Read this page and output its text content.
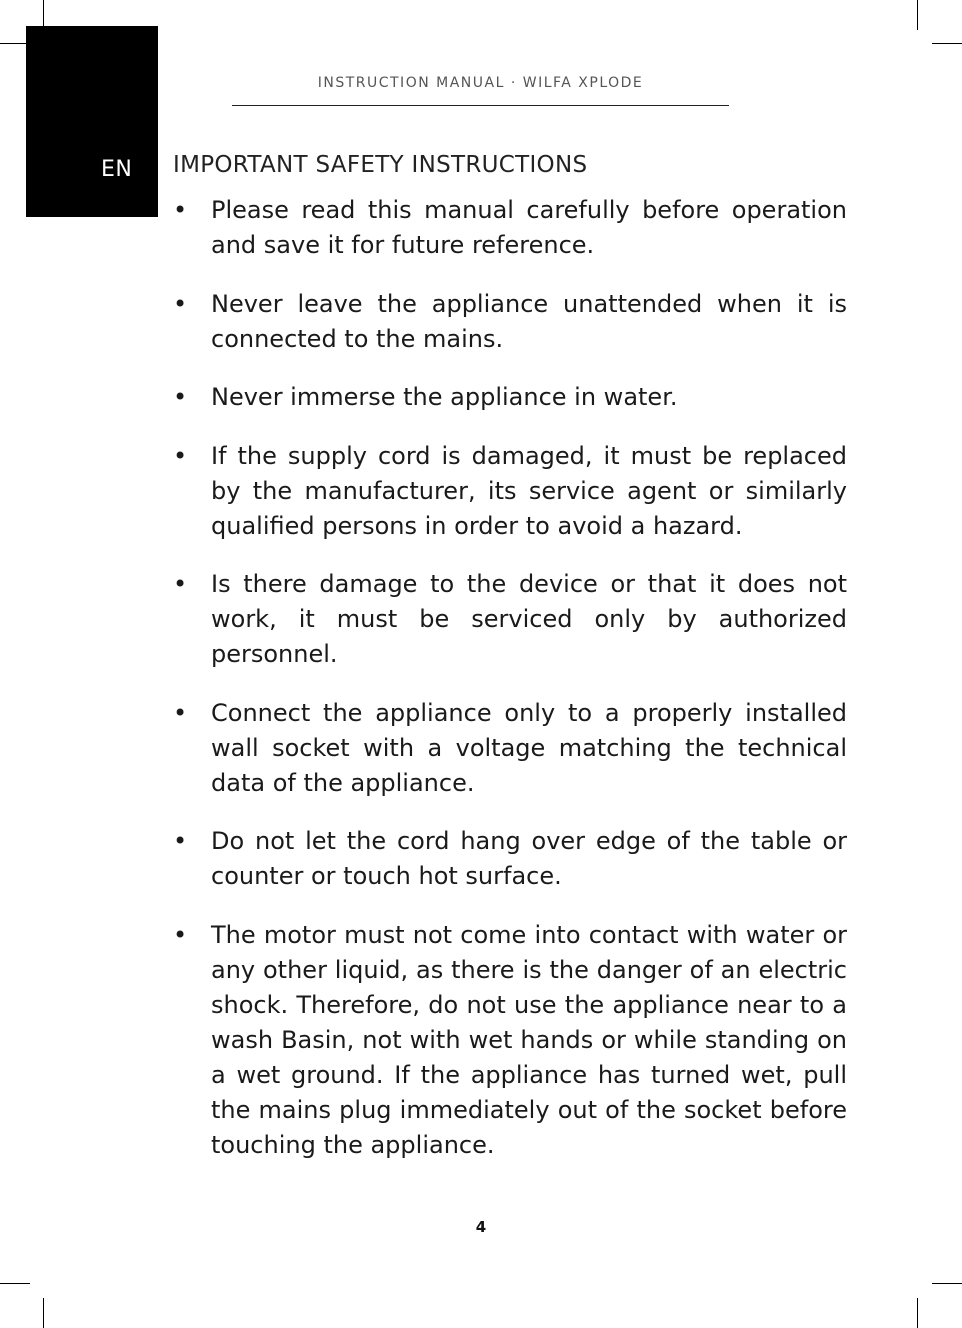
EN
INSTRUCTION MANUAL · WILFA XPLODE
IMPORTANT SAFETY INSTRUCTIONS
• Please read this manual carefully before operation and save it for future reference.
• Never leave the appliance unattended when it is connected to the mains.
• Never immerse the appliance in water.
• If the supply cord is damaged, it must be replaced by the manufacturer, its service agent or similarly qualified persons in order to avoid a hazard.
• Is there damage to the device or that it does not work, it must be serviced only by authorized personnel.
• Connect the appliance only to a properly installed wall socket with a voltage matching the technical data of the appliance.
• Do not let the cord hang over edge of the table or counter or touch hot surface.
• The motor must not come into contact with water or any other liquid, as there is the danger of an electric shock. Therefore, do not use the appliance near to a wash Basin, not with wet hands or while standing on a wet ground. If the appliance has turned wet, pull the mains plug immediately out of the socket before touching the appliance.
4
